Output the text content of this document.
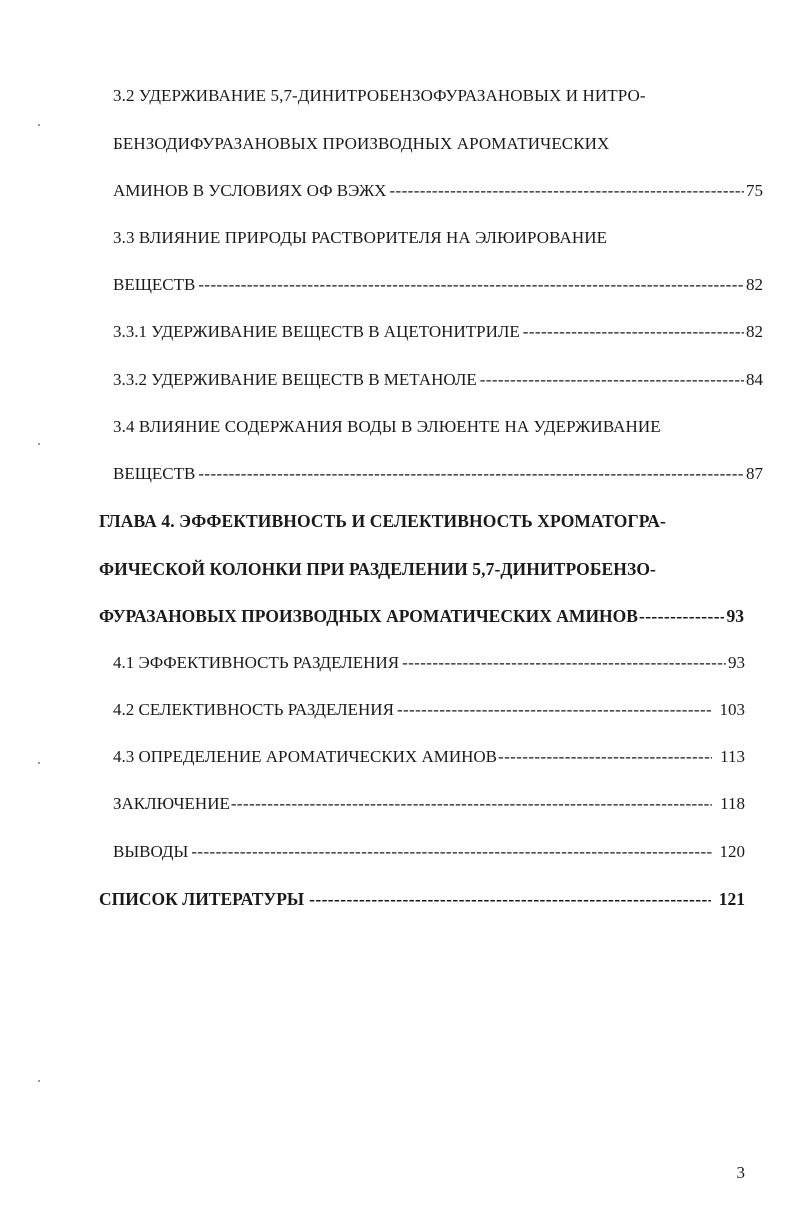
3.2 УДЕРЖИВАНИЕ 5,7-ДИНИТРОБЕНЗОФУРАЗАНОВЫХ И НИТРО-
БЕНЗОДИФУРАЗАНОВЫХ ПРОИЗВОДНЫХ АРОМАТИЧЕСКИХ
АМИНОВ В УСЛОВИЯХ ОФ ВЭЖХ -----	75
3.3 ВЛИЯНИЕ ПРИРОДЫ РАСТВОРИТЕЛЯ НА ЭЛЮИРОВАНИЕ
ВЕЩЕСТВ -----	82
3.3.1 УДЕРЖИВАНИЕ ВЕЩЕСТВ В АЦЕТОНИТРИЛЕ -----	82
3.3.2 УДЕРЖИВАНИЕ ВЕЩЕСТВ В МЕТАНОЛЕ -----	84
3.4 ВЛИЯНИЕ СОДЕРЖАНИЯ ВОДЫ В ЭЛЮЕНТЕ НА УДЕРЖИВАНИЕ
ВЕЩЕСТВ -----	87
ГЛАВА 4. ЭФФЕКТИВНОСТЬ И СЕЛЕКТИВНОСТЬ ХРОМАТОГРА-
ФИЧЕСКОЙ КОЛОНКИ ПРИ РАЗДЕЛЕНИИ 5,7-ДИНИТРОБЕНЗО-
ФУРАЗАНОВЫХ ПРОИЗВОДНЫХ АРОМАТИЧЕСКИХ АМИНОВ -----	93
4.1 ЭФФЕКТИВНОСТЬ РАЗДЕЛЕНИЯ -----	93
4.2 СЕЛЕКТИВНОСТЬ РАЗДЕЛЕНИЯ -----	103
4.3 ОПРЕДЕЛЕНИЕ АРОМАТИЧЕСКИХ АМИНОВ -----	113
ЗАКЛЮЧЕНИЕ -----	118
ВЫВОДЫ -----	120
СПИСОК ЛИТЕРАТУРЫ -----	121
3
